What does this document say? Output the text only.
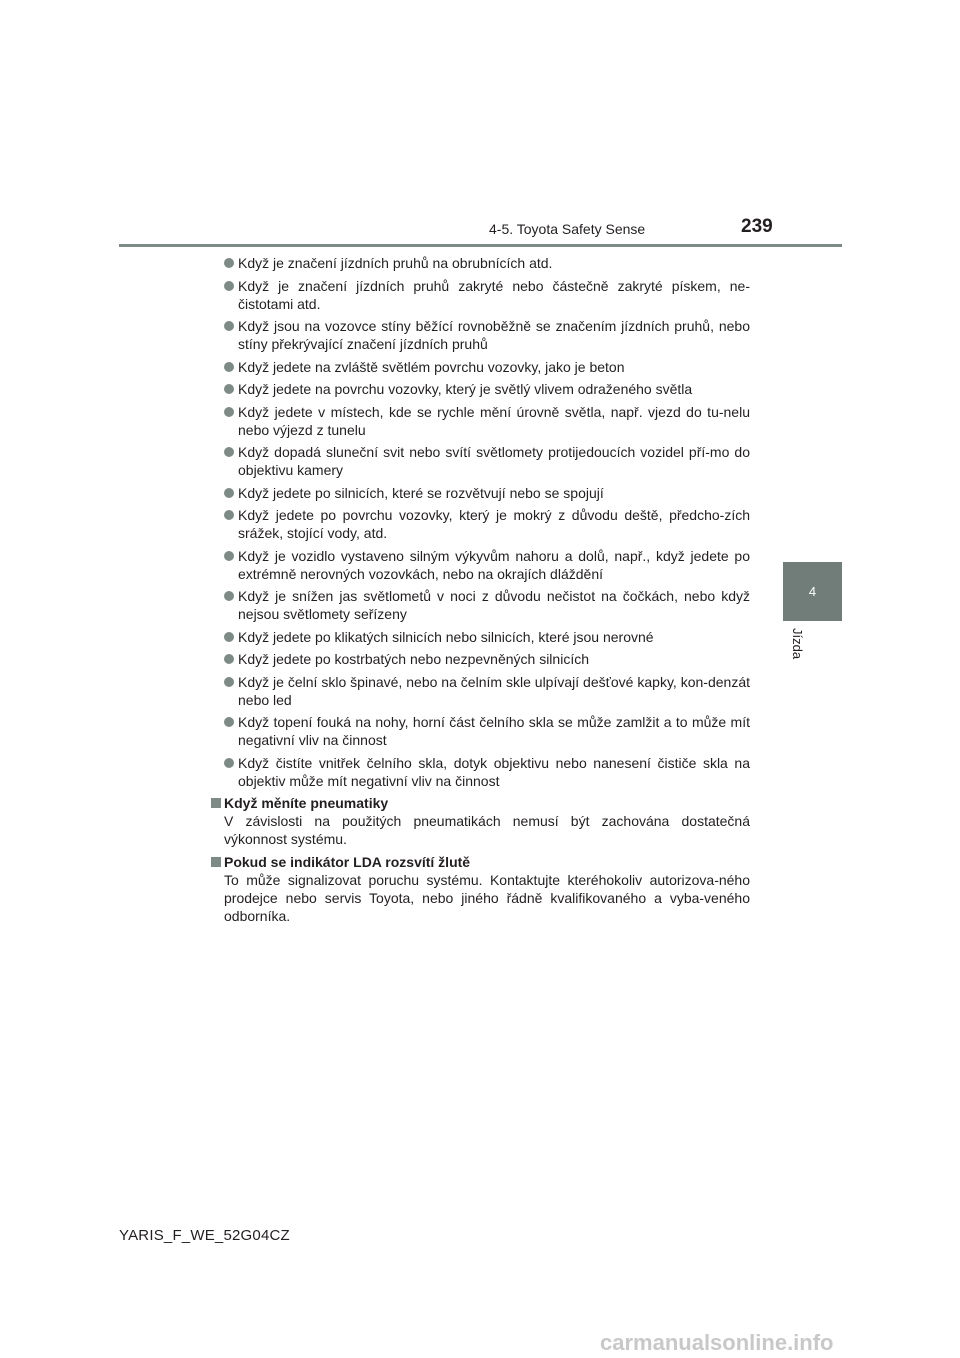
4-5. Toyota Safety Sense	239
4
Jízda
Když je značení jízdních pruhů na obrubnících atd.
Když je značení jízdních pruhů zakryté nebo částečně zakryté pískem, ne-čistotami atd.
Když jsou na vozovce stíny běžící rovnoběžně se značením jízdních pruhů, nebo stíny překrývající značení jízdních pruhů
Když jedete na zvláště světlém povrchu vozovky, jako je beton
Když jedete na povrchu vozovky, který je světlý vlivem odraženého světla
Když jedete v místech, kde se rychle mění úrovně světla, např. vjezd do tu-nelu nebo výjezd z tunelu
Když dopadá sluneční svit nebo svítí světlomety protijedoucích vozidel pří-mo do objektivu kamery
Když jedete po silnicích, které se rozvětvují nebo se spojují
Když jedete po povrchu vozovky, který je mokrý z důvodu deště, předcho-zích srážek, stojící vody, atd.
Když je vozidlo vystaveno silným výkyvům nahoru a dolů, např., když jedete po extrémně nerovných vozovkách, nebo na okrajích dláždění
Když je snížen jas světlometů v noci z důvodu nečistot na čočkách, nebo když nejsou světlomety seřízeny
Když jedete po klikatých silnicích nebo silnicích, které jsou nerovné
Když jedete po kostrbatých nebo nezpevněných silnicích
Když je čelní sklo špinavé, nebo na čelním skle ulpívají dešťové kapky, kon-denzát nebo led
Když topení fouká na nohy, horní část čelního skla se může zamlžit a to může mít negativní vliv na činnost
Když čistíte vnitřek čelního skla, dotyk objektivu nebo nanesení čističe skla na objektiv může mít negativní vliv na činnost
Když měníte pneumatiky
V závislosti na použitých pneumatikách nemusí být zachována dostatečná výkonnost systému.
Pokud se indikátor LDA rozsvítí žlutě
To může signalizovat poruchu systému. Kontaktujte kteréhokoliv autorizova-ného prodejce nebo servis Toyota, nebo jiného řádně kvalifikovaného a vyba-veného odborníka.
YARIS_F_WE_52G04CZ
carmanualsonline.info
